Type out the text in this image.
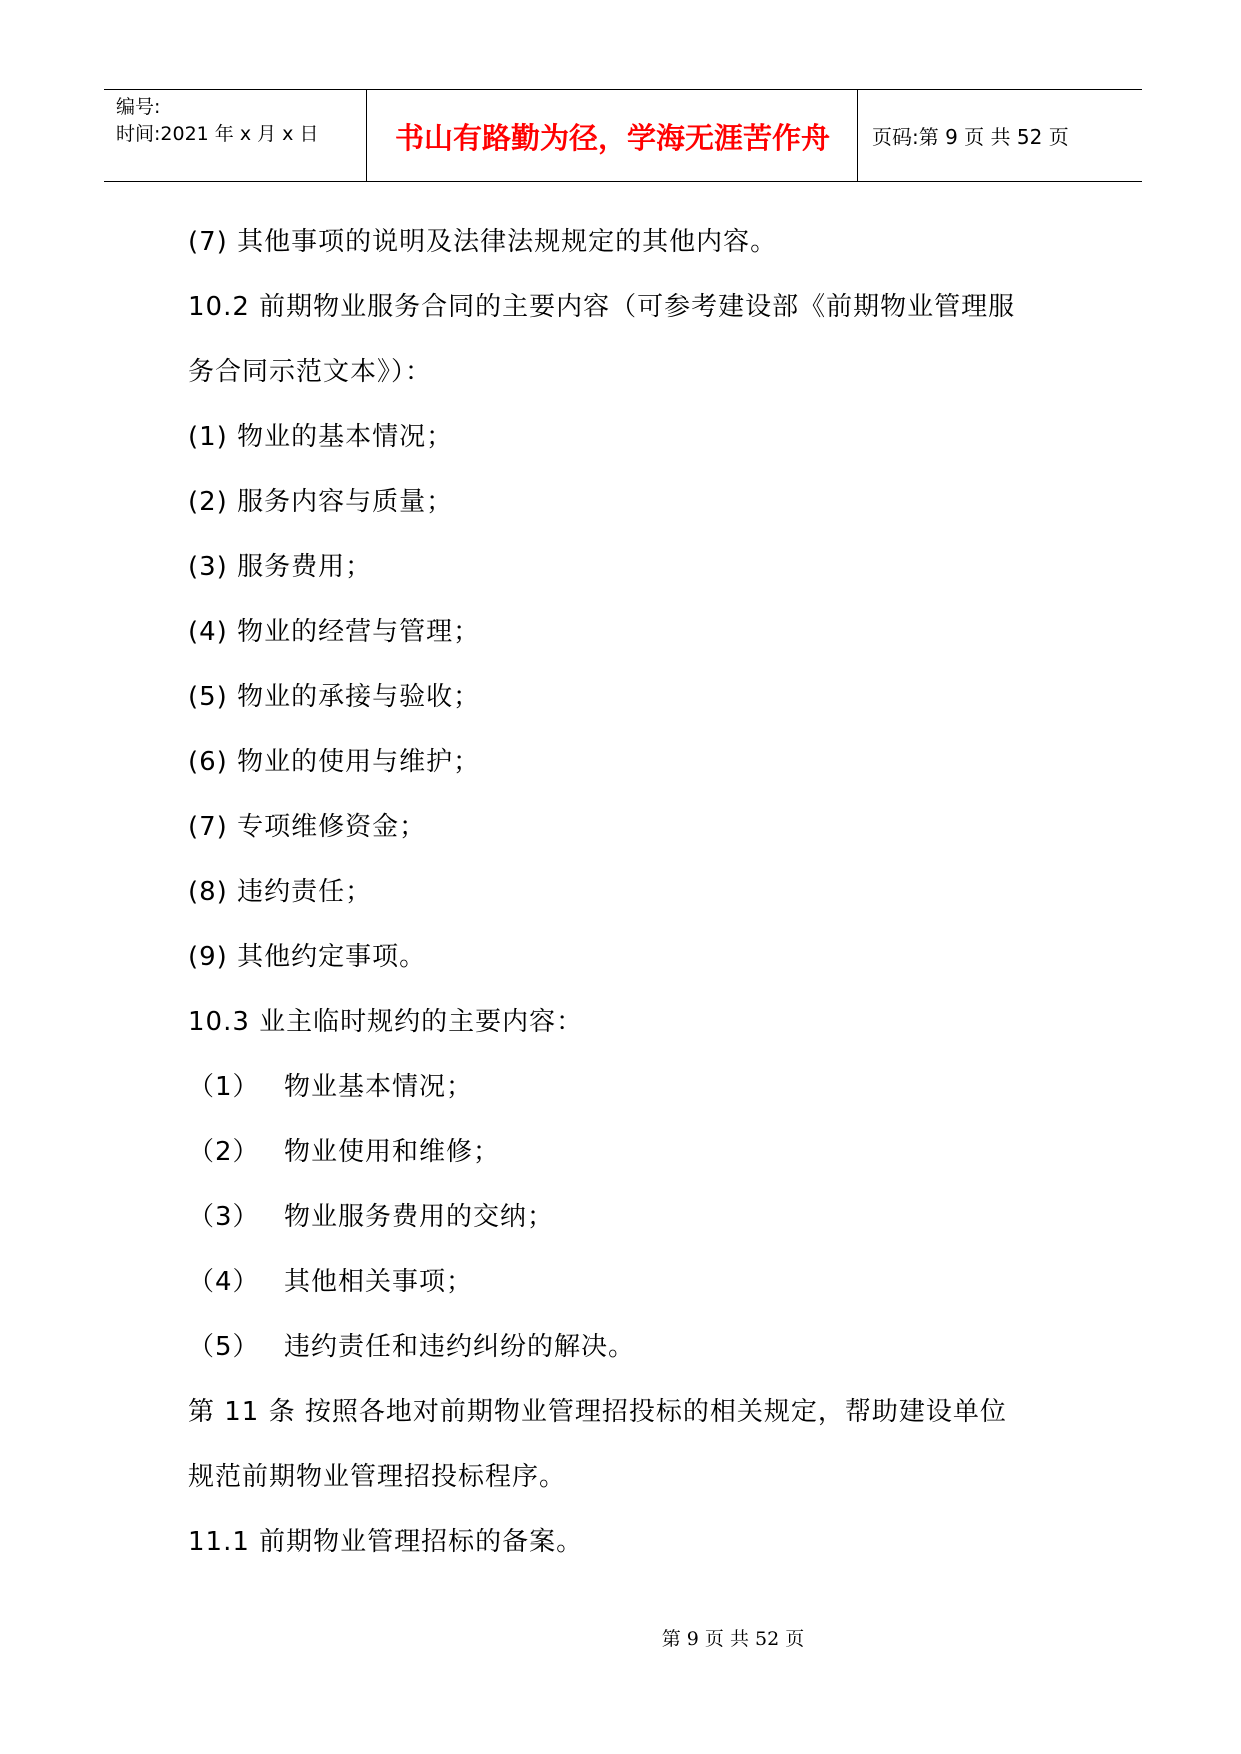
编号:
时间:2021 年 x 月 x 日	书山有路勤为径，学海无涯苦作舟	页码:第 9 页 共 52 页
(7) 其他事项的说明及法律法规规定的其他内容。
10.2 前期物业服务合同的主要内容（可参考建设部《前期物业管理服
务合同示范文本》）：
(1) 物业的基本情况；
(2) 服务内容与质量；
(3) 服务费用；
(4) 物业的经营与管理；
(5) 物业的承接与验收；
(6) 物业的使用与维护；
(7) 专项维修资金；
(8) 违约责任；
(9) 其他约定事项。
10.3 业主临时规约的主要内容：
（1） 物业基本情况；
（2） 物业使用和维修；
（3） 物业服务费用的交纳；
（4） 其他相关事项；
（5） 违约责任和违约纠纷的解决。
第 11 条 按照各地对前期物业管理招投标的相关规定，帮助建设单位
规范前期物业管理招投标程序。
11.1 前期物业管理招标的备案。
第 9 页 共 52 页
